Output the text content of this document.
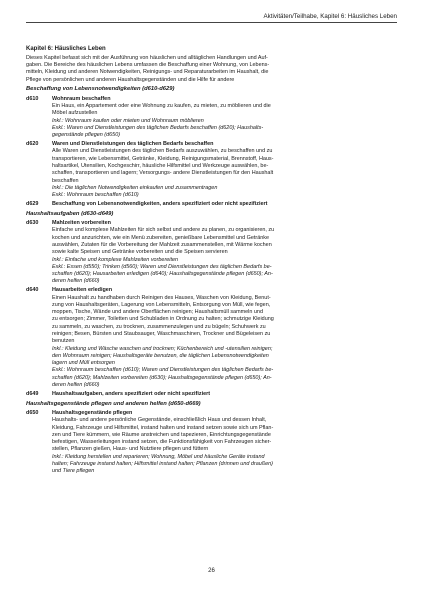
Aktivitäten/Teilhabe, Kapitel 6: Häusliches Leben
Kapitel 6: Häusliches Leben
Dieses Kapitel befasst sich mit der Ausführung von häuslichen und alltäglichen Handlungen und Auf-
gaben. Die Bereiche des häuslichen Lebens umfassen die Beschaffung einer Wohnung, von Lebens-
mitteln, Kleidung und anderen Notwendigkeiten, Reinigungs- und Reparaturarbeiten im Haushalt, die
Pflege von persönlichen und anderen Haushaltsgegenständen und die Hilfe für andere
Beschaffung von Lebensnotwendigkeiten (d610-d629)
d610	Wohnraum beschaffen
Ein Haus, ein Appartement oder eine Wohnung zu kaufen, zu mieten, zu möblieren und die
Möbel aufzustellen
Inkl.: Wohnraum kaufen oder mieten und Wohnraum möblieren
Exkl.: Waren und Dienstleistungen des täglichen Bedarfs beschaffen (d620); Haushalts-
gegenstände pflegen (d650)
d620	Waren und Dienstleistungen des täglichen Bedarfs beschaffen
Alle Waren und Dienstleistungen des täglichen Bedarfs auszuwählen, zu beschaffen und zu
transportieren, wie Lebensmittel, Getränke, Kleidung, Reinigungsmaterial, Brennstoff, Haus-
haltsartikel, Utensilien, Kochgeschirr, häusliche Hilfsmittel und Werkzeuge auswählen, be-
schaffen, transportieren und lagern; Versorgungs- andere Dienstleistungen für den Haushalt
beschaffen
Inkl.: Die täglichen Notwendigkeiten einkaufen und zusammentragen
Exkl.: Wohnraum beschaffen (d610)
d629	Beschaffung von Lebensnotwendigkeiten, anders spezifiziert oder nicht spezifiziert
Haushaltsaufgaben (d630-d649)
d630	Mahlzeiten vorbereiten
Einfache und komplexe Mahlzeiten für sich selbst und andere zu planen, zu organisieren, zu
kochen und anzurichten, wie ein Menü zubereiten, genießbare Lebensmittel und Getränke
auswählen, Zutaten für die Vorbereitung der Mahlzeit zusammenstellen, mit Wärme kochen
sowie kalte Speisen und Getränke vorbereiten und die Speisen servieren
Inkl.: Einfache und komplexe Mahlzeiten vorbereiten
Exkl.: Essen (d550); Trinken (d560); Waren und Dienstleistungen des täglichen Bedarfs be-
schaffen (d620); Hausarbeiten erledigen (d640); Haushaltsgegenstände pflegen (d650); An-
deren helfen (d660)
d640	Hausarbeiten erledigen
Einen Haushalt zu handhaben durch Reinigen des Hauses, Waschen von Kleidung, Benut-
zung von Haushaltsgeräten, Lagerung von Lebensmitteln, Entsorgung von Müll, wie fegen,
moppen, Tische, Wände und andere Oberflächen reinigen; Haushaltsmüll sammeln und
zu entsorgen; Zimmer, Toiletten und Schubladen in Ordnung zu halten; schmutzige Kleidung
zu sammeln, zu waschen, zu trocknen, zusammenzulegen und zu bügeln; Schuhwerk zu
reinigen; Besen, Bürsten und Staubsauger, Waschmaschinen, Trockner und Bügeleisen zu
benutzen
Inkl.: Kleidung und Wäsche waschen und trocknen; Küchenbereich und -utensilien reinigen;
den Wohnraum reinigen; Haushaltsgeräte benutzen, die täglichen Lebensnotwendigkeiten
lagern und Müll entsorgen
Exkl.: Wohnraum beschaffen (d610); Waren und Dienstleistungen des täglichen Bedarfs be-
schaffen (d620); Mahlzeiten vorbereiten (d630); Haushaltsgegenstände pflegen (d650); An-
deren helfen (d660)
d649	Haushaltsaufgaben, anders spezifiziert oder nicht spezifiziert
Haushaltsgegenstände pflegen und anderen helfen (d650-d669)
d650	Haushaltsgegenstände pflegen
Haushalts- und andere persönliche Gegenstände, einschließlich Haus und dessen Inhalt,
Kleidung, Fahrzeuge und Hilfsmittel, instand halten und instand setzen sowie sich um Pflan-
zen und Tiere kümmern, wie Räume anstreichen und tapezieren, Einrichtungsgegenstände
befestigen, Wasserleitungen instand setzen, die Funktionsfähigkeit von Fahrzeugen sicher-
stellen, Pflanzen gießen, Haus- und Nutztiere pflegen und füttern
Inkl.: Kleidung herstellen und reparieren; Wohnung, Möbel und häusliche Geräte instand
halten; Fahrzeuge instand halten; Hilfsmittel instand halten; Pflanzen (drinnen und draußen)
und Tiere pflegen
26
